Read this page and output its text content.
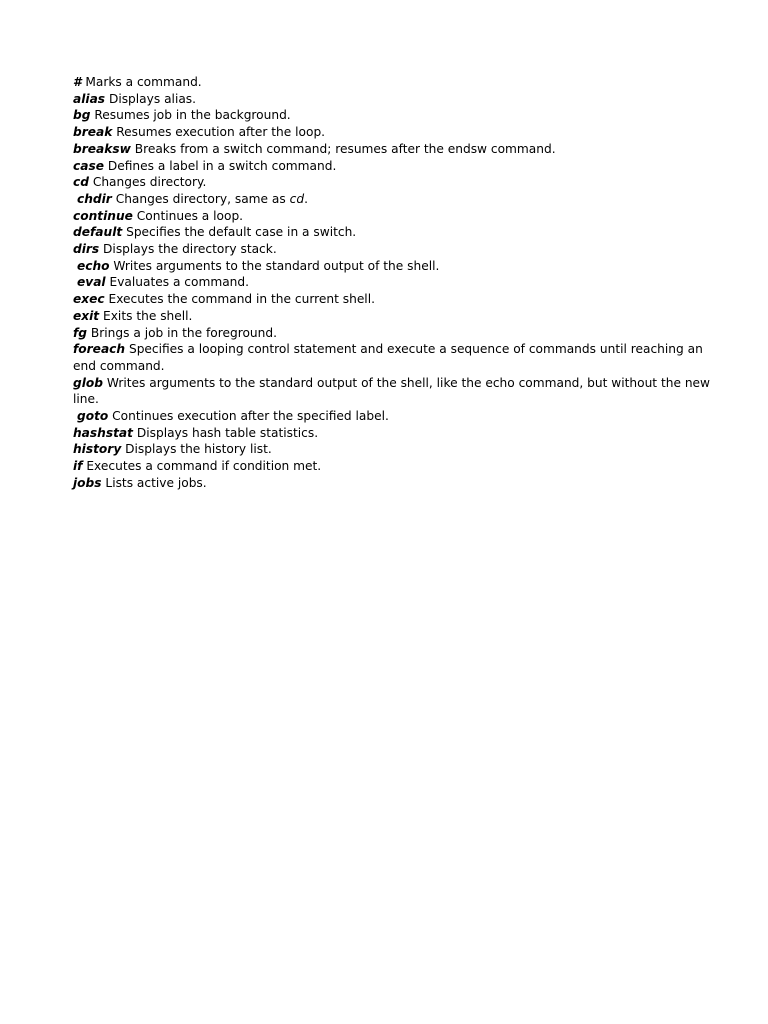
# Marks a command.

alias Displays alias.

bg Resumes job in the background.

break Resumes execution after the loop.

breaksw Breaks from a switch command; resumes after the endsw command.

case Defines a label in a switch command.

cd Changes directory.

chdir Changes directory, same as cd.

continue Continues a loop.

default Specifies the default case in a switch.

dirs Displays the directory stack.

echo Writes arguments to the standard output of the shell.

eval Evaluates a command.

exec Executes the command in the current shell.

exit Exits the shell.

fg Brings a job in the foreground.

foreach Specifies a looping control statement and execute a sequence of commands until reaching an end command.

glob Writes arguments to the standard output of the shell, like the echo command, but without the new line.

goto Continues execution after the specified label.

hashstat Displays hash table statistics.

history Displays the history list.

if Executes a command if condition met.

jobs Lists active jobs.
